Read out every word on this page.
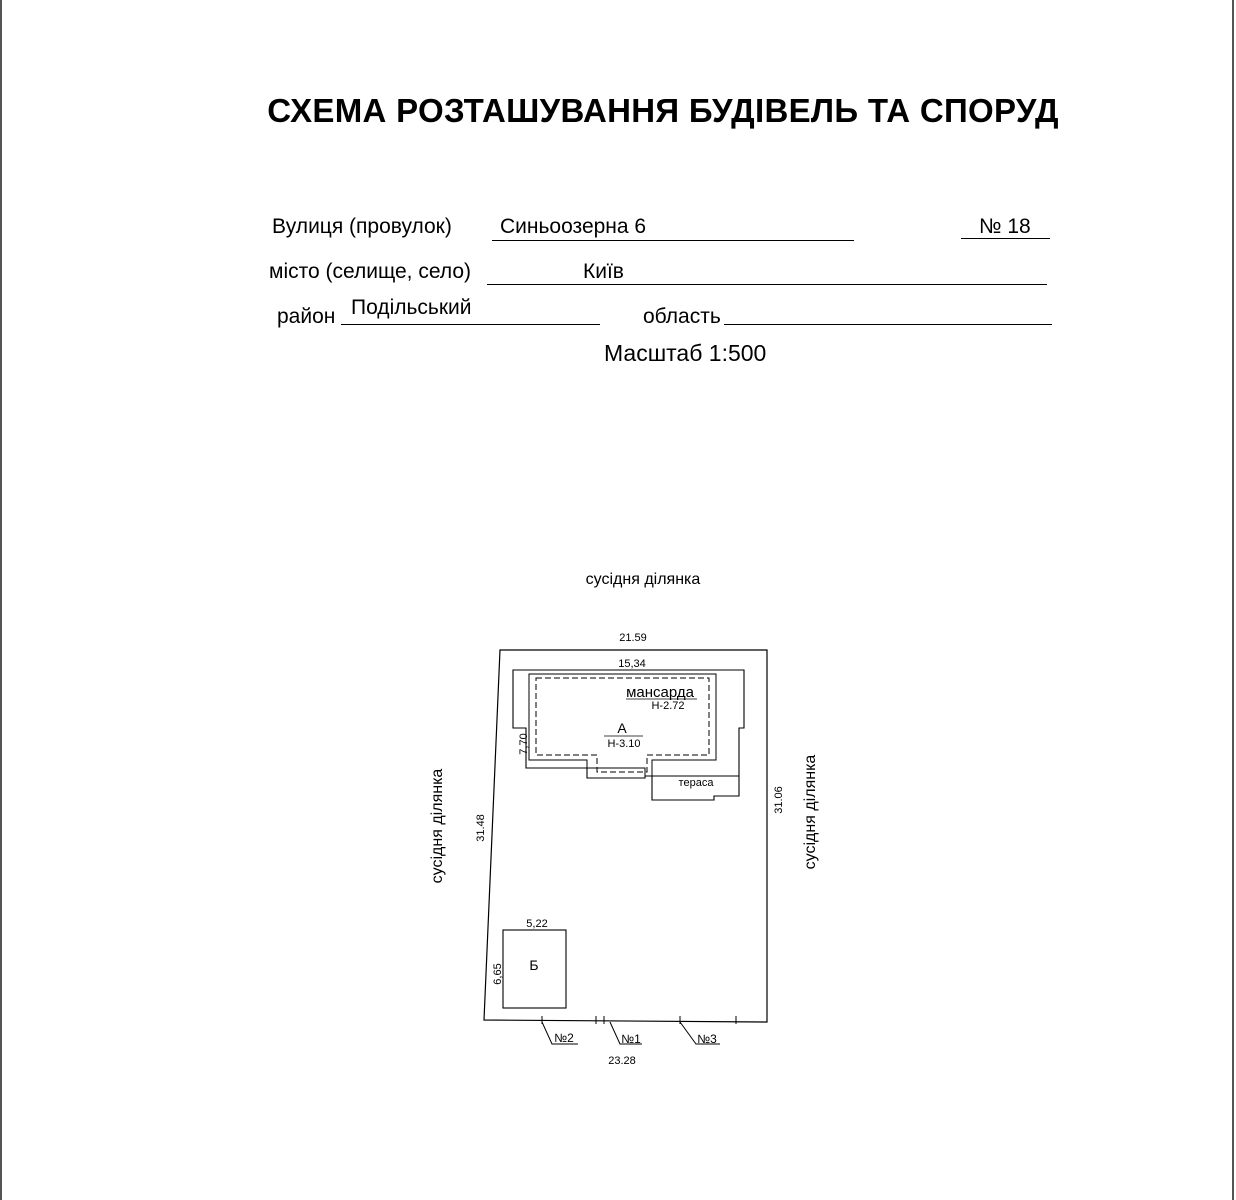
СХЕМА РОЗТАШУВАННЯ БУДІВЕЛЬ ТА СПОРУД
Вулиця (провулок) Синьоозерна 6	№ 18
місто (селище, село)	Київ
район Подільський	область
Масштаб 1:500
сусідня ділянка
сусідня ділянка	сусідня ділянка
21.59
31.48
31.06
23.28
15,34
7,70
мансарда
Н-2.72
А
Н-3.10
тераса
5,22
6,65 Б
№2	№1	№3
